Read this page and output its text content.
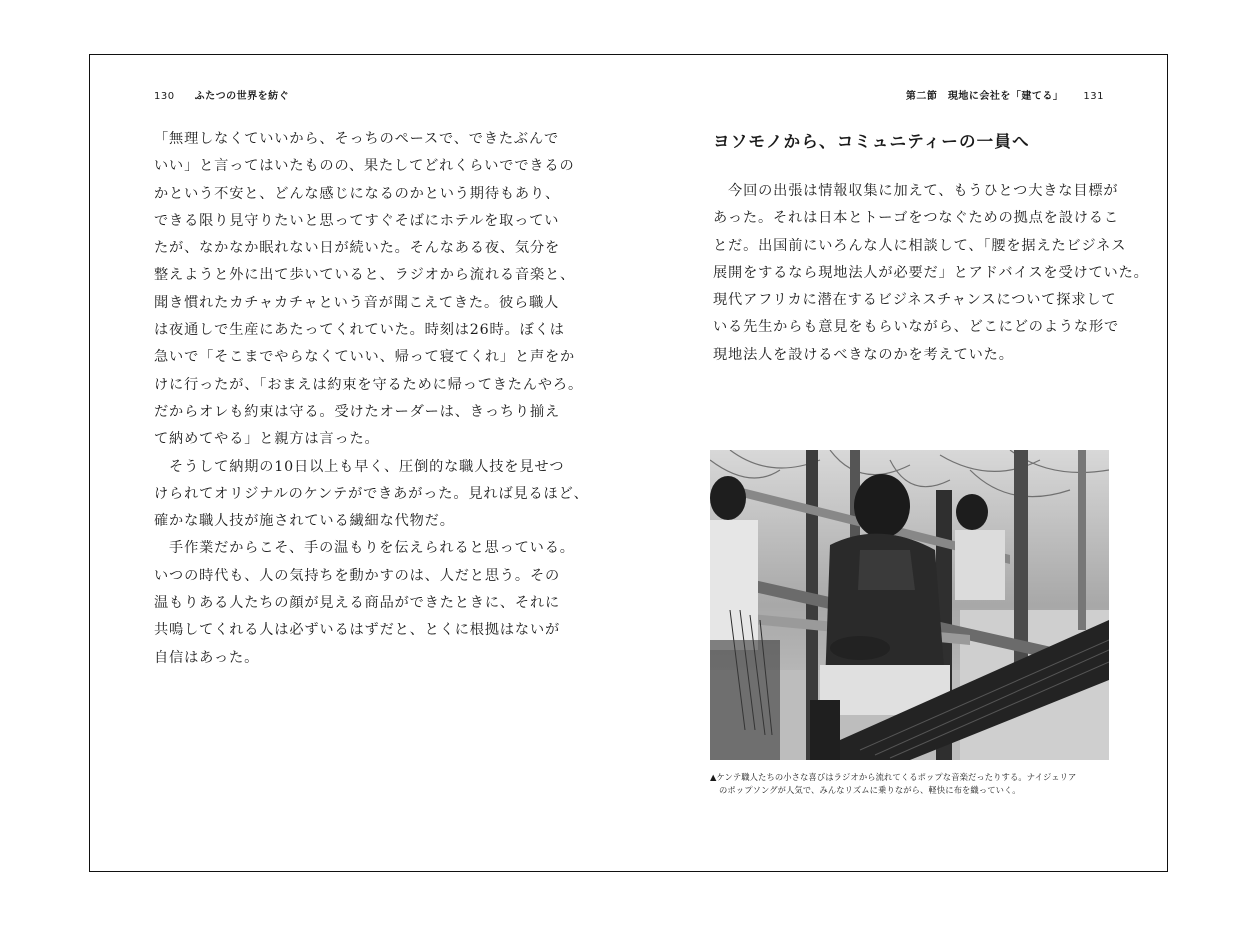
130 ふたつの世界を紡ぐ	第二節　現地に会社を「建てる」 131

「無理しなくていいから、そっちのペースで、できたぶんで
いい」と言ってはいたものの、果たしてどれくらいでできるの
かという不安と、どんな感じになるのかという期待もあり、
できる限り見守りたいと思ってすぐそばにホテルを取ってい
たが、なかなか眠れない日が続いた。そんなある夜、気分を
整えようと外に出て歩いていると、ラジオから流れる音楽と、
聞き慣れたカチャカチャという音が聞こえてきた。彼ら職人
は夜通しで生産にあたってくれていた。時刻は26時。ぼくは
急いで「そこまでやらなくていい、帰って寝てくれ」と声をか
けに行ったが、「おまえは約束を守るために帰ってきたんやろ。
だからオレも約束は守る。受けたオーダーは、きっちり揃え
て納めてやる」と親方は言った。

　そうして納期の10日以上も早く、圧倒的な職人技を見せつ
けられてオリジナルのケンテができあがった。見れば見るほど、
確かな職人技が施されている繊細な代物だ。

　手作業だからこそ、手の温もりを伝えられると思っている。
いつの時代も、人の気持ちを動かすのは、人だと思う。その
温もりある人たちの顔が見える商品ができたときに、それに
共鳴してくれる人は必ずいるはずだと、とくに根拠はないが
自信はあった。

ヨソモノから、コミュニティーの一員へ

　今回の出張は情報収集に加えて、もうひとつ大きな目標が
あった。それは日本とトーゴをつなぐための拠点を設けるこ
とだ。出国前にいろんな人に相談して、「腰を据えたビジネス
展開をするなら現地法人が必要だ」とアドバイスを受けていた。
現代アフリカに潜在するビジネスチャンスについて探求して
いる先生からも意見をもらいながら、どこにどのような形で
現地法人を設けるべきなのかを考えていた。

▲ケンテ職人たちの小さな喜びはラジオから流れてくるポップな音楽だったりする。ナイジェリア
のポップソングが人気で、みんなリズムに乗りながら、軽快に布を織っていく。
